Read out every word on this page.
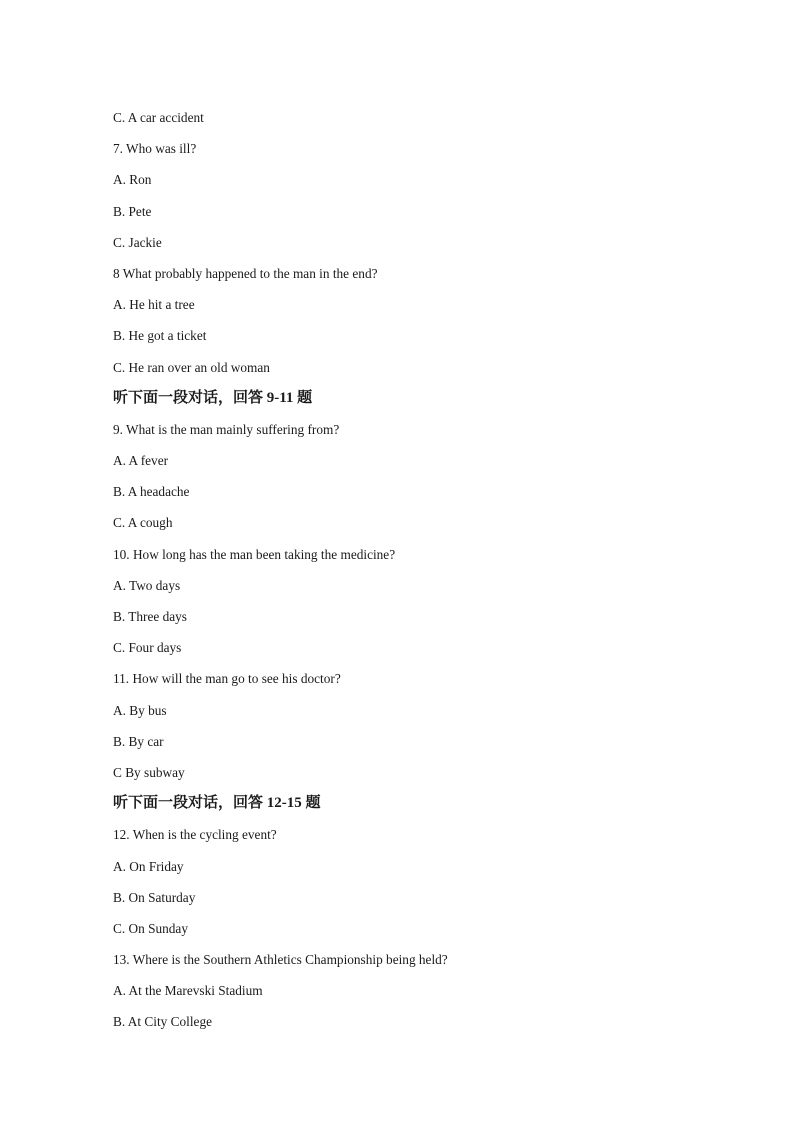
C. A car accident
7. Who was ill?
A. Ron
B. Pete
C. Jackie
8 What probably happened to the man in the end?
A. He hit a tree
B. He got a ticket
C. He ran over an old woman
听下面一段对话，回答 9-11 题
9. What is the man mainly suffering from?
A. A fever
B. A headache
C. A cough
10. How long has the man been taking the medicine?
A. Two days
B. Three days
C. Four days
11. How will the man go to see his doctor?
A. By bus
B. By car
C By subway
听下面一段对话，回答 12-15 题
12. When is the cycling event?
A. On Friday
B. On Saturday
C. On Sunday
13. Where is the Southern Athletics Championship being held?
A. At the Marevski Stadium
B. At City College
